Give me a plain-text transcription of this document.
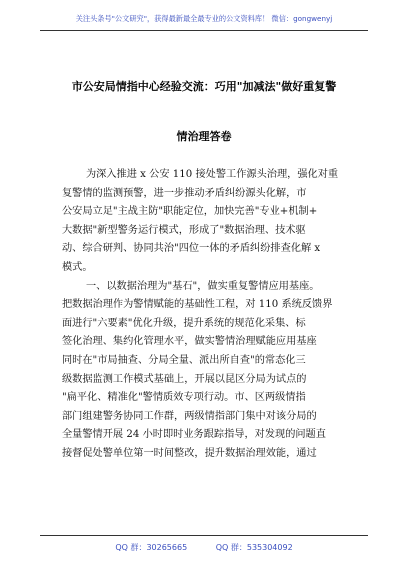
关注头条号"公文研究"，获得最新最全最专业的公文资料库！ 微信：gongwenyj
市公安局情指中心经验交流：巧用"加减法"做好重复警
情治理答卷
为深入推进 x 公安 110 接处警工作源头治理，强化对重
复警情的监测预警，进一步推动矛盾纠纷源头化解，市
公安局立足"主战主防"职能定位，加快完善"专业+机制+
大数据"新型警务运行模式，形成了"数据治理、技术驱
动、综合研判、协同共治"四位一体的矛盾纠纷排查化解 x
模式。
一、以数据治理为"基石"，做实重复警情应用基座。
把数据治理作为警情赋能的基础性工程，对 110 系统反馈界
面进行"六要素"优化升级，提升系统的规范化采集、标
签化治理、集约化管理水平，做实警情治理赋能应用基座
同时在"市局抽查、分局全量、派出所自查"的常态化三
级数据监测工作模式基础上，开展以昆区分局为试点的
"扁平化、精准化"警情质效专项行动。市、区两级情指
部门组建警务协同工作群，两级情指部门集中对该分局的
全量警情开展 24 小时即时业务跟踪指导，对发现的问题直
接督促处警单位第一时间整改，提升数据治理效能，通过
QQ 群：30265665	QQ 群：535304092
